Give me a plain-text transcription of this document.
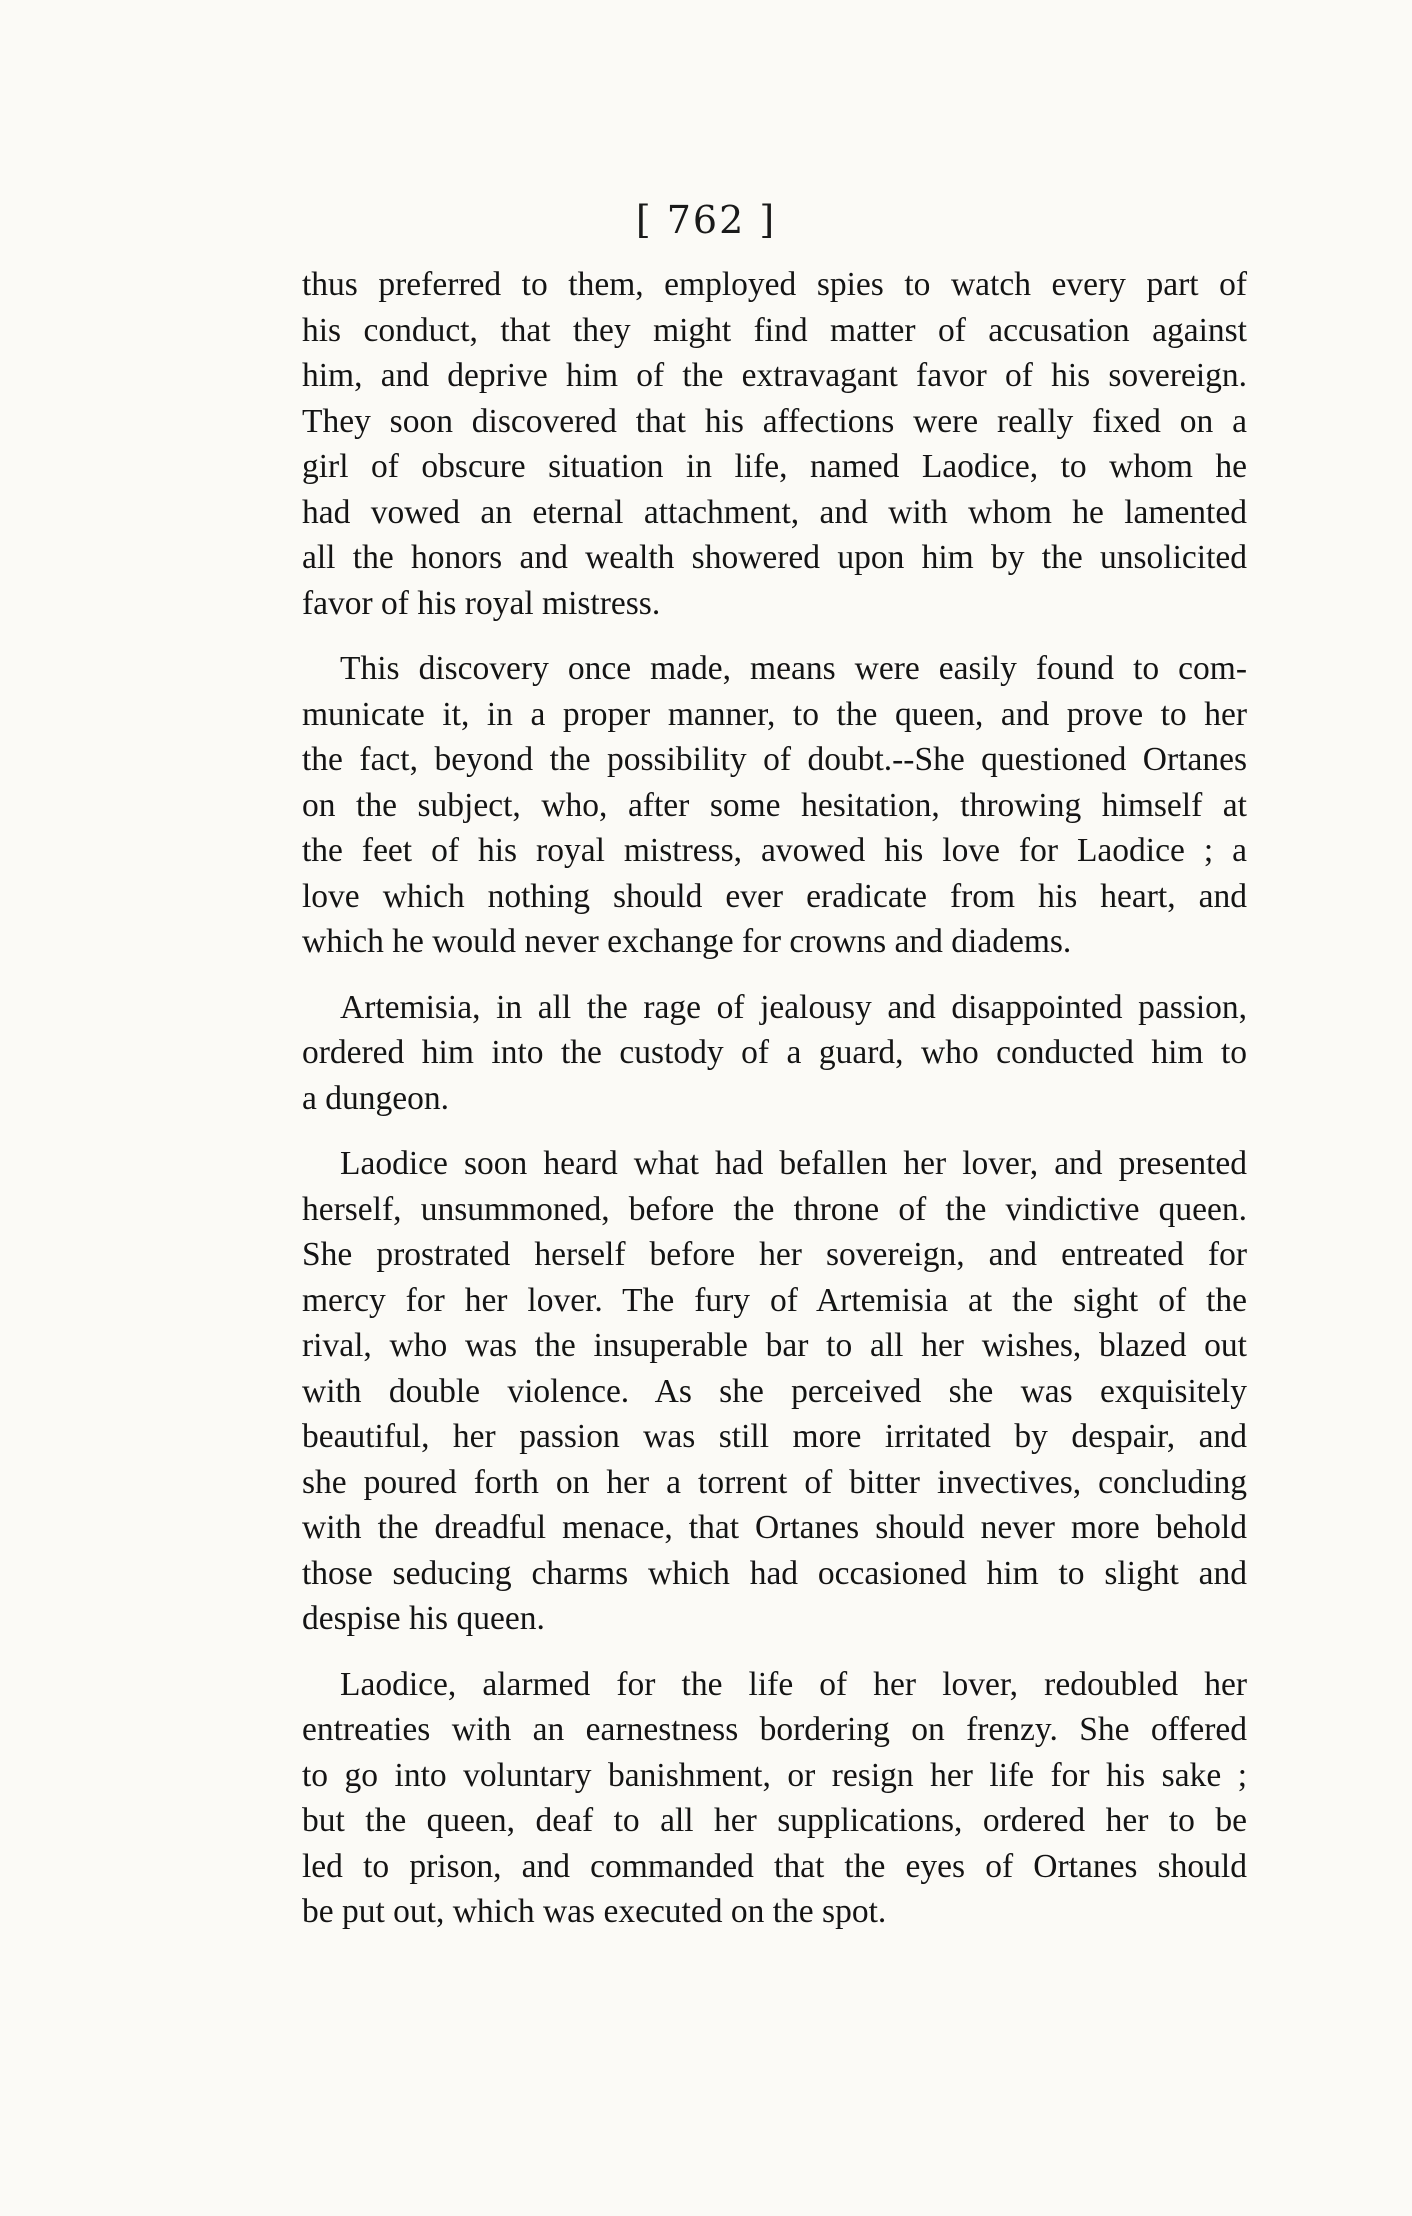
[ 762 ]

thus preferred to them, employed spies to watch every part of
his conduct, that they might find matter of accusation against
him, and deprive him of the extravagant favor of his sovereign.
They soon discovered that his affections were really fixed on a
girl of obscure situation in life, named Laodice, to whom he
had vowed an eternal attachment, and with whom he lamented
all the honors and wealth showered upon him by the unsolicited
favor of his royal mistress.

This discovery once made, means were easily found to com-
municate it, in a proper manner, to the queen, and prove to her
the fact, beyond the possibility of doubt.--She questioned Ortanes
on the subject, who, after some hesitation, throwing himself at
the feet of his royal mistress, avowed his love for Laodice ; a
love which nothing should ever eradicate from his heart, and
which he would never exchange for crowns and diadems.

Artemisia, in all the rage of jealousy and disappointed passion,
ordered him into the custody of a guard, who conducted him to
a dungeon.

Laodice soon heard what had befallen her lover, and presented
herself, unsummoned, before the throne of the vindictive queen.
She prostrated herself before her sovereign, and entreated for
mercy for her lover. The fury of Artemisia at the sight of the
rival, who was the insuperable bar to all her wishes, blazed out
with double violence. As she perceived she was exquisitely
beautiful, her passion was still more irritated by despair, and
she poured forth on her a torrent of bitter invectives, concluding
with the dreadful menace, that Ortanes should never more behold
those seducing charms which had occasioned him to slight and
despise his queen.

Laodice, alarmed for the life of her lover, redoubled her
entreaties with an earnestness bordering on frenzy. She offered
to go into voluntary banishment, or resign her life for his sake ;
but the queen, deaf to all her supplications, ordered her to be
led to prison, and commanded that the eyes of Ortanes should
be put out, which was executed on the spot.
